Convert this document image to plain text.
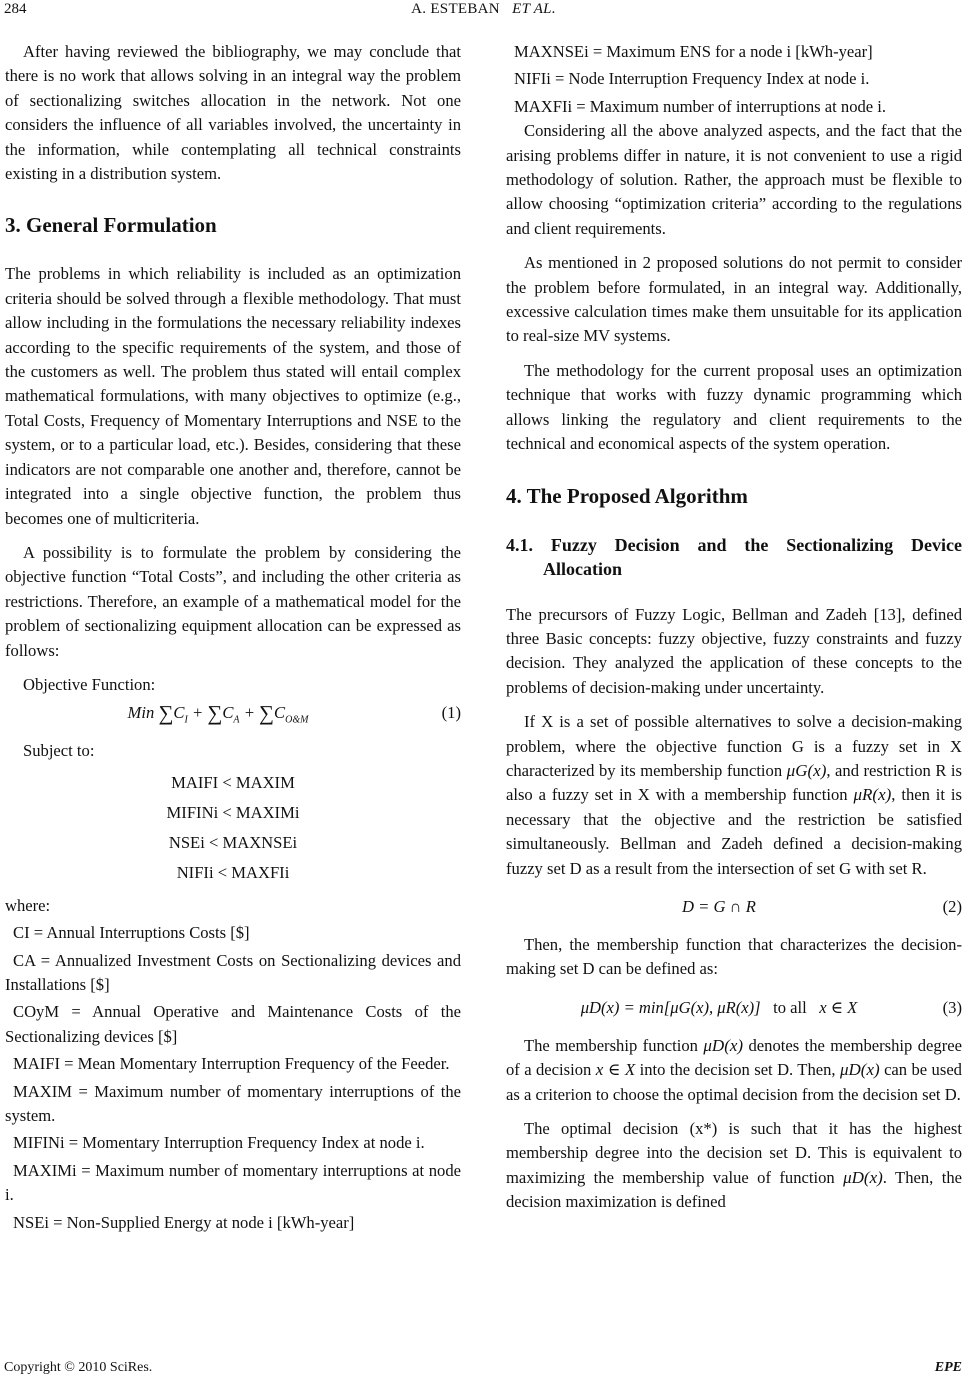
284	A. ESTEBAN ET AL.

After having reviewed the bibliography, we may conclude that there is no work that allows solving in an integral way the problem of sectionalizing switches allocation in the network. Not one considers the influence of all variables involved, the uncertainty in the information, while contemplating all technical constraints existing in a distribution system.

3. General Formulation

The problems in which reliability is included as an optimization criteria should be solved through a flexible methodology. That must allow including in the formulations the necessary reliability indexes according to the specific requirements of the system, and those of the customers as well. The problem thus stated will entail complex mathematical formulations, with many objectives to optimize (e.g., Total Costs, Frequency of Momentary Interruptions and NSE to the system, or to a particular load, etc.). Besides, considering that these indicators are not comparable one another and, therefore, cannot be integrated into a single objective function, the problem thus becomes one of multicriteria.

A possibility is to formulate the problem by considering the objective function “Total Costs”, and including the other criteria as restrictions. Therefore, an example of a mathematical model for the problem of sectionalizing equipment allocation can be expressed as follows:

Objective Function:

Min $\sum C_I + \sum C_A + \sum C_{O\&M}$	(1)

Subject to:

MAIFI < MAXIM

MIFINi < MAXIMi

NSEi < MAXNSEi

NIFIi < MAXFIi

where:

CI = Annual Interruptions Costs [$]

CA = Annualized Investment Costs on Sectionalizing devices and Installations [$]

COyM = Annual Operative and Maintenance Costs of the Sectionalizing devices [$]

MAIFI = Mean Momentary Interruption Frequency of the Feeder.

MAXIM = Maximum number of momentary interruptions of the system.

MIFINi = Momentary Interruption Frequency Index at node i.

MAXIMi = Maximum number of momentary interruptions at node i.

NSEi = Non-Supplied Energy at node i [kWh-year]

MAXNSEi = Maximum ENS for a node i [kWh-year]

NIFIi = Node Interruption Frequency Index at node i.

MAXFIi = Maximum number of interruptions at node i.

Considering all the above analyzed aspects, and the fact that the arising problems differ in nature, it is not convenient to use a rigid methodology of solution. Rather, the approach must be flexible to allow choosing “optimization criteria” according to the regulations and client requirements.

As mentioned in 2 proposed solutions do not permit to consider the problem before formulated, in an integral way. Additionally, excessive calculation times make them unsuitable for its application to real-size MV systems.

The methodology for the current proposal uses an optimization technique that works with fuzzy dynamic programming which allows linking the regulatory and client requirements to the technical and economical aspects of the system operation.

4. The Proposed Algorithm
4.1. Fuzzy Decision and the Sectionalizing Device Allocation

The precursors of Fuzzy Logic, Bellman and Zadeh [13], defined three Basic concepts: fuzzy objective, fuzzy constraints and fuzzy decision. They analyzed the application of these concepts to the problems of decision-making under uncertainty.

If X is a set of possible alternatives to solve a decision-making problem, where the objective function G is a fuzzy set in X characterized by its membership function μG(x), and restriction R is also a fuzzy set in X with a membership function μR(x), then it is necessary that the objective and the restriction be satisfied simultaneously. Bellman and Zadeh defined a decision-making fuzzy set D as a result from the intersection of set G with set R.

D = G ∩ R	(2)

Then, the membership function that characterizes the decision-making set D can be defined as:

μD(x) = min[μG(x), μR(x)] to all x ∈ X	(3)

The membership function μD(x) denotes the membership degree of a decision x ∈ X into the decision set D. Then, μD(x) can be used as a criterion to choose the optimal decision from the decision set D.

The optimal decision (x*) is such that it has the highest membership degree into the decision set D. This is equivalent to maximizing the membership value of function μD(x). Then, the decision maximization is defined

Copyright © 2010 SciRes.	EPE
